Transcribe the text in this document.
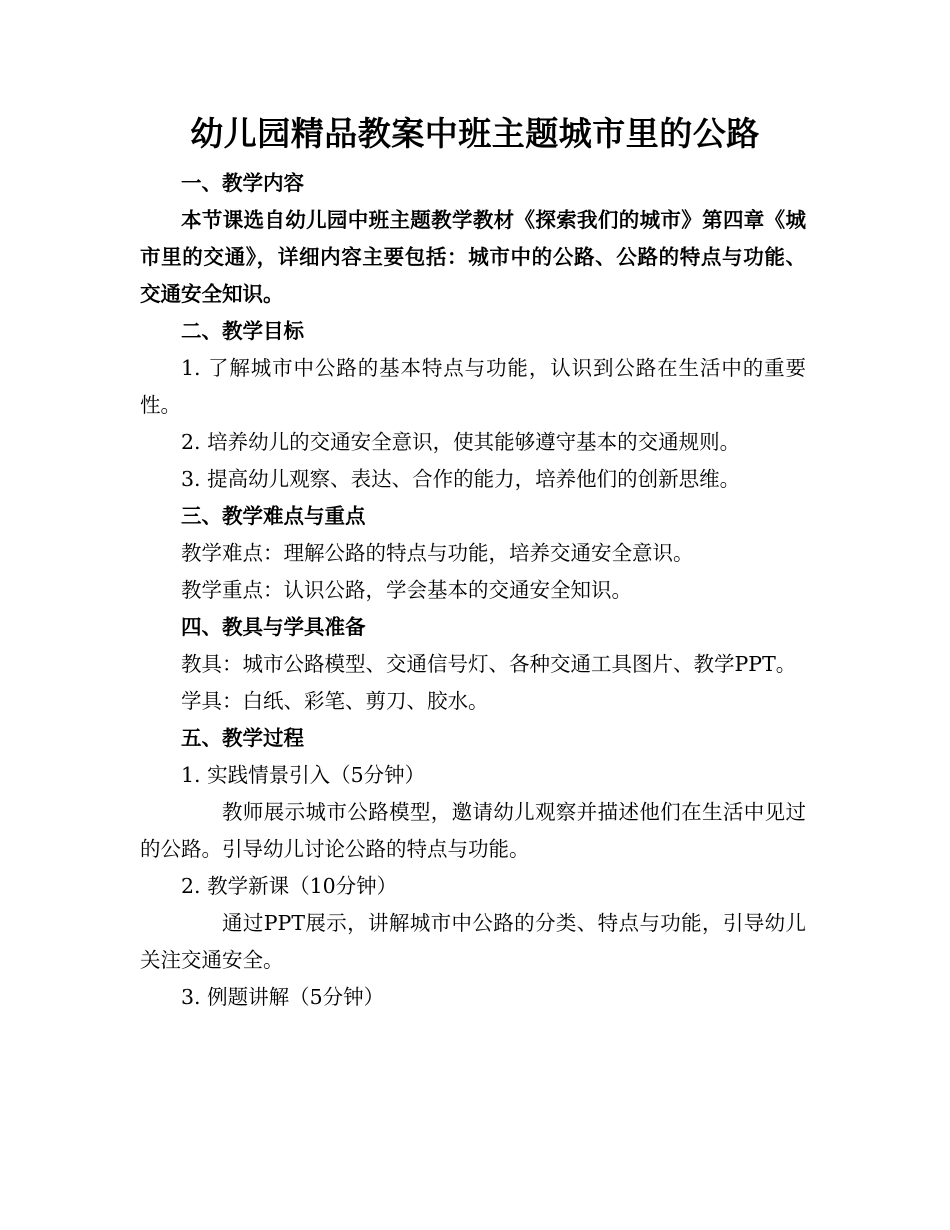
幼儿园精品教案中班主题城市里的公路

一、教学内容

本节课选自幼儿园中班主题教学教材《探索我们的城市》第四章《城市里的交通》，详细内容主要包括：城市中的公路、公路的特点与功能、交通安全知识。

二、教学目标

1. 了解城市中公路的基本特点与功能，认识到公路在生活中的重要性。

2. 培养幼儿的交通安全意识，使其能够遵守基本的交通规则。

3. 提高幼儿观察、表达、合作的能力，培养他们的创新思维。

三、教学难点与重点

教学难点：理解公路的特点与功能，培养交通安全意识。

教学重点：认识公路，学会基本的交通安全知识。

四、教具与学具准备

教具：城市公路模型、交通信号灯、各种交通工具图片、教学PPT。

学具：白纸、彩笔、剪刀、胶水。

五、教学过程

1. 实践情景引入（5分钟）

教师展示城市公路模型，邀请幼儿观察并描述他们在生活中见过的公路。引导幼儿讨论公路的特点与功能。

2. 教学新课（10分钟）

通过PPT展示，讲解城市中公路的分类、特点与功能，引导幼儿关注交通安全。

3. 例题讲解（5分钟）
